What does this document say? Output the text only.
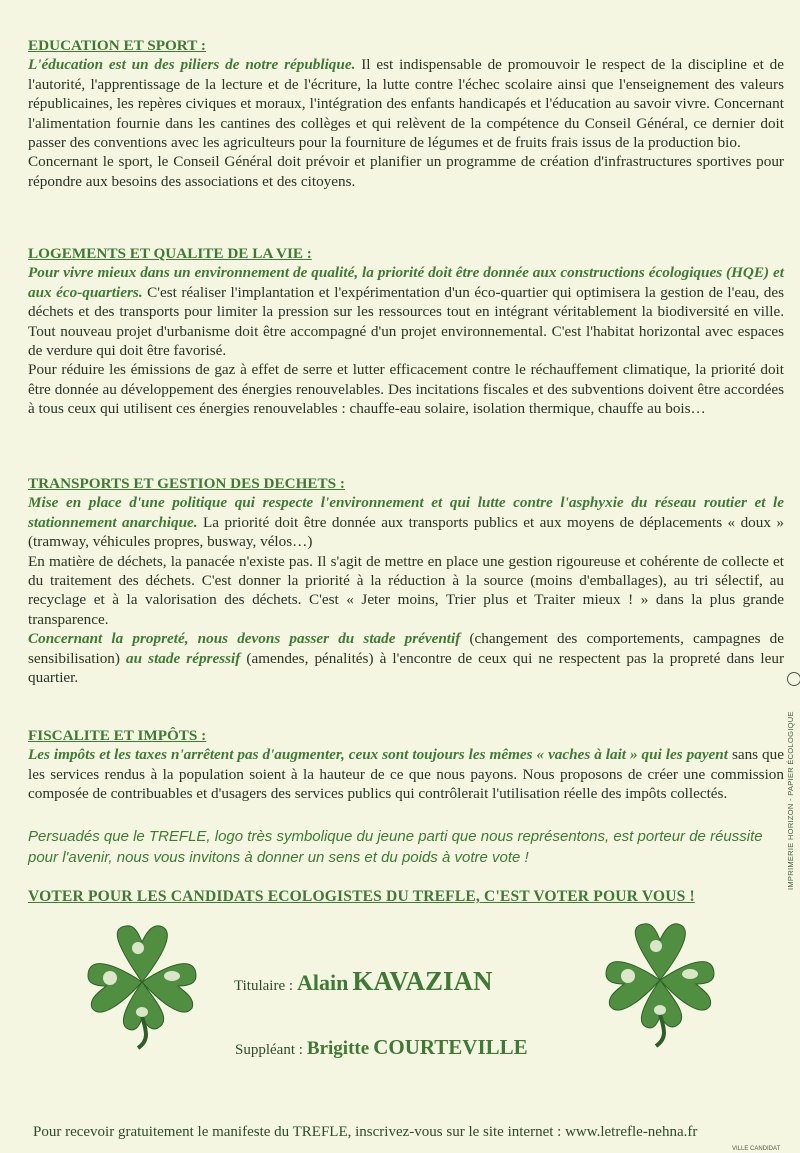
EDUCATION ET SPORT :

L'éducation est un des piliers de notre république. Il est indispensable de promouvoir le respect de la discipline et de l'autorité, l'apprentissage de la lecture et de l'écriture, la lutte contre l'échec scolaire ainsi que l'enseignement des valeurs républicaines, les repères civiques et moraux, l'intégration des enfants handicapés et l'éducation au savoir vivre. Concernant l'alimentation fournie dans les cantines des collèges et qui relèvent de la compétence du Conseil Général, ce dernier doit passer des conventions avec les agriculteurs pour la fourniture de légumes et de fruits frais issus de la production bio.

Concernant le sport, le Conseil Général doit prévoir et planifier un programme de création d'infrastructures sportives pour répondre aux besoins des associations et des citoyens.

LOGEMENTS ET QUALITE DE LA VIE :

Pour vivre mieux dans un environnement de qualité, la priorité doit être donnée aux constructions écologiques (HQE) et aux éco-quartiers. C'est réaliser l'implantation et l'expérimentation d'un éco-quartier qui optimisera la gestion de l'eau, des déchets et des transports pour limiter la pression sur les ressources tout en intégrant véritablement la biodiversité en ville. Tout nouveau projet d'urbanisme doit être accompagné d'un projet environnemental. C'est l'habitat horizontal avec espaces de verdure qui doit être favorisé.

Pour réduire les émissions de gaz à effet de serre et lutter efficacement contre le réchauffement climatique, la priorité doit être donnée au développement des énergies renouvelables. Des incitations fiscales et des subventions doivent être accordées à tous ceux qui utilisent ces énergies renouvelables : chauffe-eau solaire, isolation thermique, chauffe au bois…

TRANSPORTS ET GESTION DES DECHETS :

Mise en place d'une politique qui respecte l'environnement et qui lutte contre l'asphyxie du réseau routier et le stationnement anarchique. La priorité doit être donnée aux transports publics et aux moyens de déplacements « doux » (tramway, véhicules propres, busway, vélos…)

En matière de déchets, la panacée n'existe pas. Il s'agit de mettre en place une gestion rigoureuse et cohérente de collecte et du traitement des déchets. C'est donner la priorité à la réduction à la source (moins d'emballages), au tri sélectif, au recyclage et à la valorisation des déchets. C'est « Jeter moins, Trier plus et Traiter mieux ! » dans la plus grande transparence.

Concernant la propreté, nous devons passer du stade préventif (changement des comportements, campagnes de sensibilisation) au stade répressif (amendes, pénalités) à l'encontre de ceux qui ne respectent pas la propreté dans leur quartier.

FISCALITE ET IMPÔTS :

Les impôts et les taxes n'arrêtent pas d'augmenter, ceux sont toujours les mêmes « vaches à lait » qui les payent sans que les services rendus à la population soient à la hauteur de ce que nous payons. Nous proposons de créer une commission composée de contribuables et d'usagers des services publics qui contrôlerait l'utilisation réelle des impôts collectés.

Persuadés que le TREFLE, logo très symbolique du jeune parti que nous représentons, est porteur de réussite pour l'avenir, nous vous invitons à donner un sens et du poids à votre vote !
VOTER POUR LES CANDIDATS ECOLOGISTES DU TREFLE, C'EST VOTER POUR VOUS !
Titulaire : Alain KAVAZIAN
Suppléant : Brigitte COURTEVILLE
Pour recevoir gratuitement le manifeste du TREFLE, inscrivez-vous sur le site internet : www.letrefle-nehna.fr
IMPRIMERIE HORIZON - PAPIER ÉCOLOGIQUE
VILLE CANDIDAT
